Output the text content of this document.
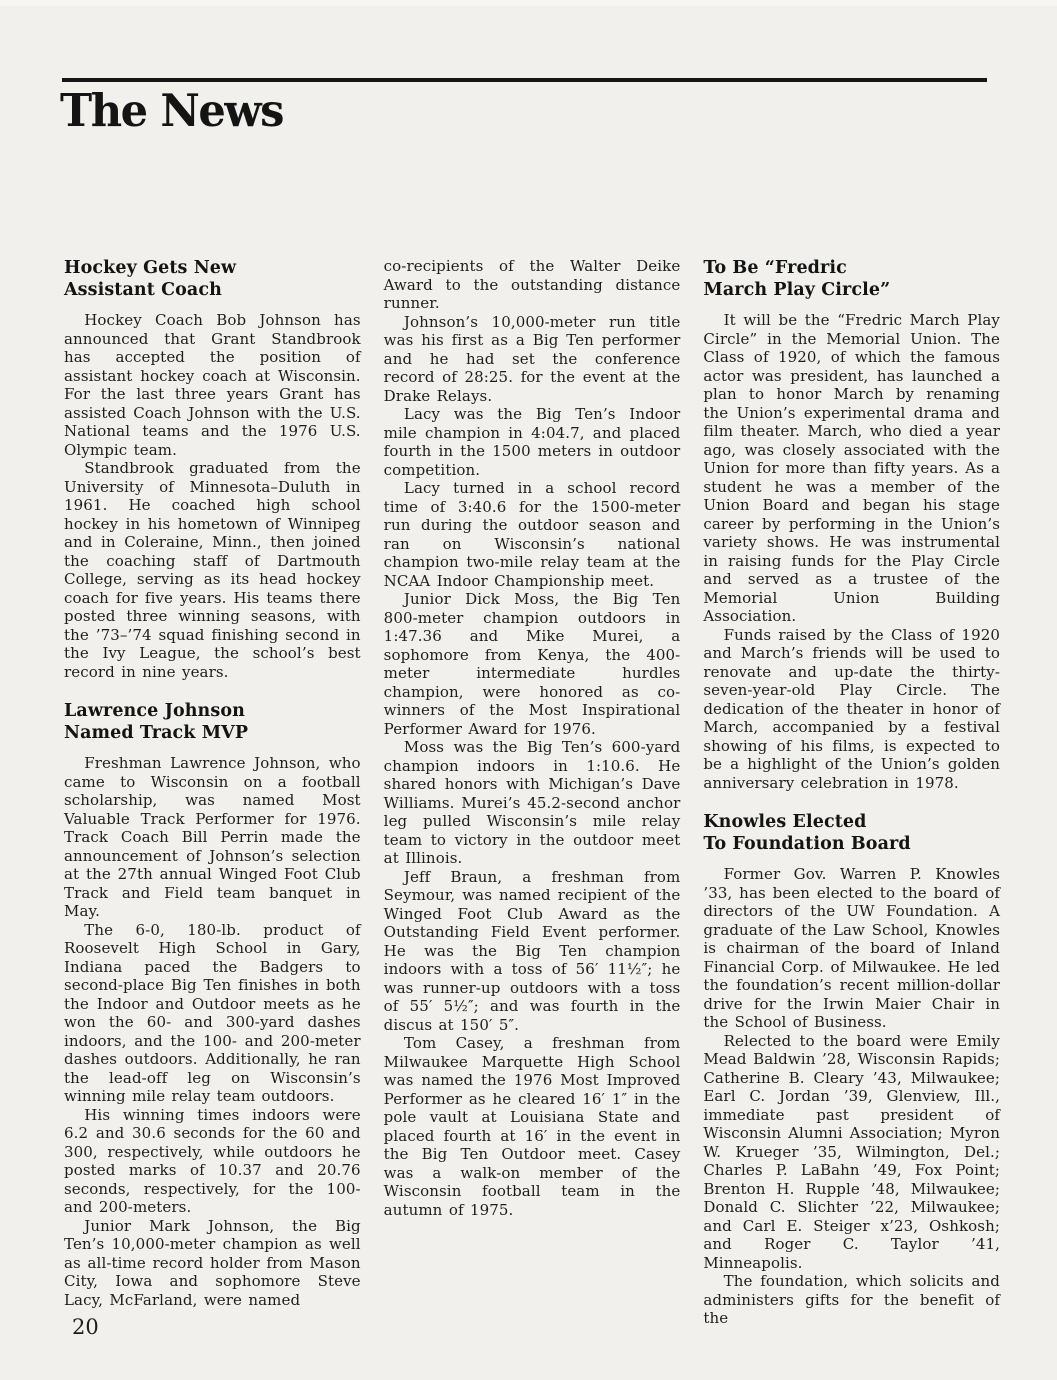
The News
Hockey Gets New
Assistant Coach

Hockey Coach Bob Johnson has announced that Grant Standbrook has accepted the position of assistant hockey coach at Wisconsin. For the last three years Grant has assisted Coach Johnson with the U.S. National teams and the 1976 U.S. Olympic team.

Standbrook graduated from the University of Minnesota–Duluth in 1961. He coached high school hockey in his hometown of Winnipeg and in Coleraine, Minn., then joined the coaching staff of Dartmouth College, serving as its head hockey coach for five years. His teams there posted three winning seasons, with the ’73–’74 squad finishing second in the Ivy League, the school’s best record in nine years.

Lawrence Johnson
Named Track MVP

Freshman Lawrence Johnson, who came to Wisconsin on a football scholarship, was named Most Valuable Track Performer for 1976. Track Coach Bill Perrin made the announcement of Johnson’s selection at the 27th annual Winged Foot Club Track and Field team banquet in May.

The 6-0, 180-lb. product of Roosevelt High School in Gary, Indiana paced the Badgers to second-place Big Ten finishes in both the Indoor and Outdoor meets as he won the 60- and 300-yard dashes indoors, and the 100- and 200-meter dashes outdoors. Additionally, he ran the lead-off leg on Wisconsin’s winning mile relay team outdoors.

His winning times indoors were 6.2 and 30.6 seconds for the 60 and 300, respectively, while outdoors he posted marks of 10.37 and 20.76 seconds, respectively, for the 100- and 200-meters.

Junior Mark Johnson, the Big Ten’s 10,000-meter champion as well as all-time record holder from Mason City, Iowa and sophomore Steve Lacy, McFarland, were named

co-recipients of the Walter Deike Award to the outstanding distance runner.

Johnson’s 10,000-meter run title was his first as a Big Ten performer and he had set the conference record of 28:25. for the event at the Drake Relays.

Lacy was the Big Ten’s Indoor mile champion in 4:04.7, and placed fourth in the 1500 meters in outdoor competition.

Lacy turned in a school record time of 3:40.6 for the 1500-meter run during the outdoor season and ran on Wisconsin’s national champion two-mile relay team at the NCAA Indoor Championship meet.

Junior Dick Moss, the Big Ten 800-meter champion outdoors in 1:47.36 and Mike Murei, a sophomore from Kenya, the 400-meter intermediate hurdles champion, were honored as co-winners of the Most Inspirational Performer Award for 1976.

Moss was the Big Ten’s 600-yard champion indoors in 1:10.6. He shared honors with Michigan’s Dave Williams. Murei’s 45.2-second anchor leg pulled Wisconsin’s mile relay team to victory in the outdoor meet at Illinois.

Jeff Braun, a freshman from Seymour, was named recipient of the Winged Foot Club Award as the Outstanding Field Event performer. He was the Big Ten champion indoors with a toss of 56′ 11½″; he was runner-up outdoors with a toss of 55′ 5½″; and was fourth in the discus at 150′ 5″.

Tom Casey, a freshman from Milwaukee Marquette High School was named the 1976 Most Improved Performer as he cleared 16′ 1″ in the pole vault at Louisiana State and placed fourth at 16′ in the event in the Big Ten Outdoor meet. Casey was a walk-on member of the Wisconsin football team in the autumn of 1975.

To Be “Fredric
March Play Circle”

It will be the “Fredric March Play Circle” in the Memorial Union. The Class of 1920, of which the famous actor was president, has launched a plan to honor March by renaming the Union’s experimental drama and film theater. March, who died a year ago, was closely associated with the Union for more than fifty years. As a student he was a member of the Union Board and began his stage career by performing in the Union’s variety shows. He was instrumental in raising funds for the Play Circle and served as a trustee of the Memorial Union Building Association.

Funds raised by the Class of 1920 and March’s friends will be used to renovate and up-date the thirty-seven-year-old Play Circle. The dedication of the theater in honor of March, accompanied by a festival showing of his films, is expected to be a highlight of the Union’s golden anniversary celebration in 1978.

Knowles Elected
To Foundation Board

Former Gov. Warren P. Knowles ’33, has been elected to the board of directors of the UW Foundation. A graduate of the Law School, Knowles is chairman of the board of Inland Financial Corp. of Milwaukee. He led the foundation’s recent million-dollar drive for the Irwin Maier Chair in the School of Business.

Relected to the board were Emily Mead Baldwin ’28, Wisconsin Rapids; Catherine B. Cleary ’43, Milwaukee; Earl C. Jordan ’39, Glenview, Ill., immediate past president of Wisconsin Alumni Association; Myron W. Krueger ’35, Wilmington, Del.; Charles P. LaBahn ’49, Fox Point; Brenton H. Rupple ’48, Milwaukee; Donald C. Slichter ’22, Milwaukee; and Carl E. Steiger x’23, Oshkosh; and Roger C. Taylor ’41, Minneapolis.

The foundation, which solicits and administers gifts for the benefit of the

20
